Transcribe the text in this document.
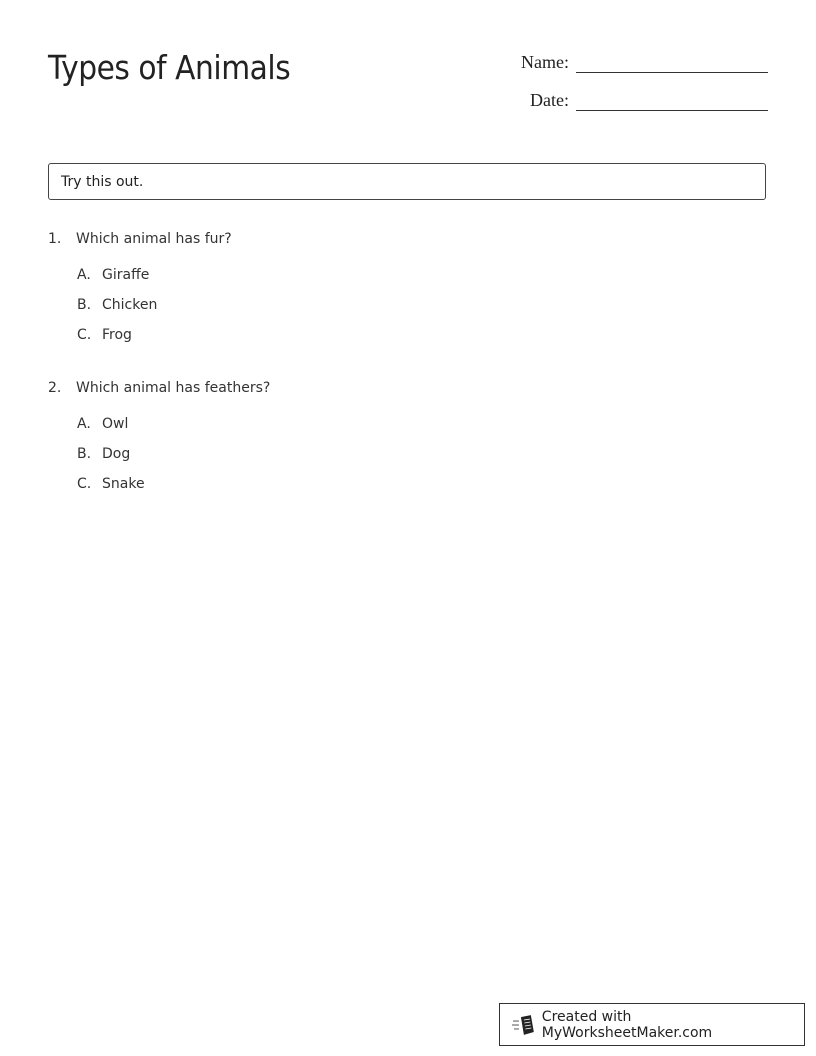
Types of Animals	Name:
Date:
Try this out.
1.	Which animal has fur?
A. Giraffe
B. Chicken
C. Frog
2.	Which animal has feathers?
A. Owl
B. Dog
C. Snake
Created with MyWorksheetMaker.com
